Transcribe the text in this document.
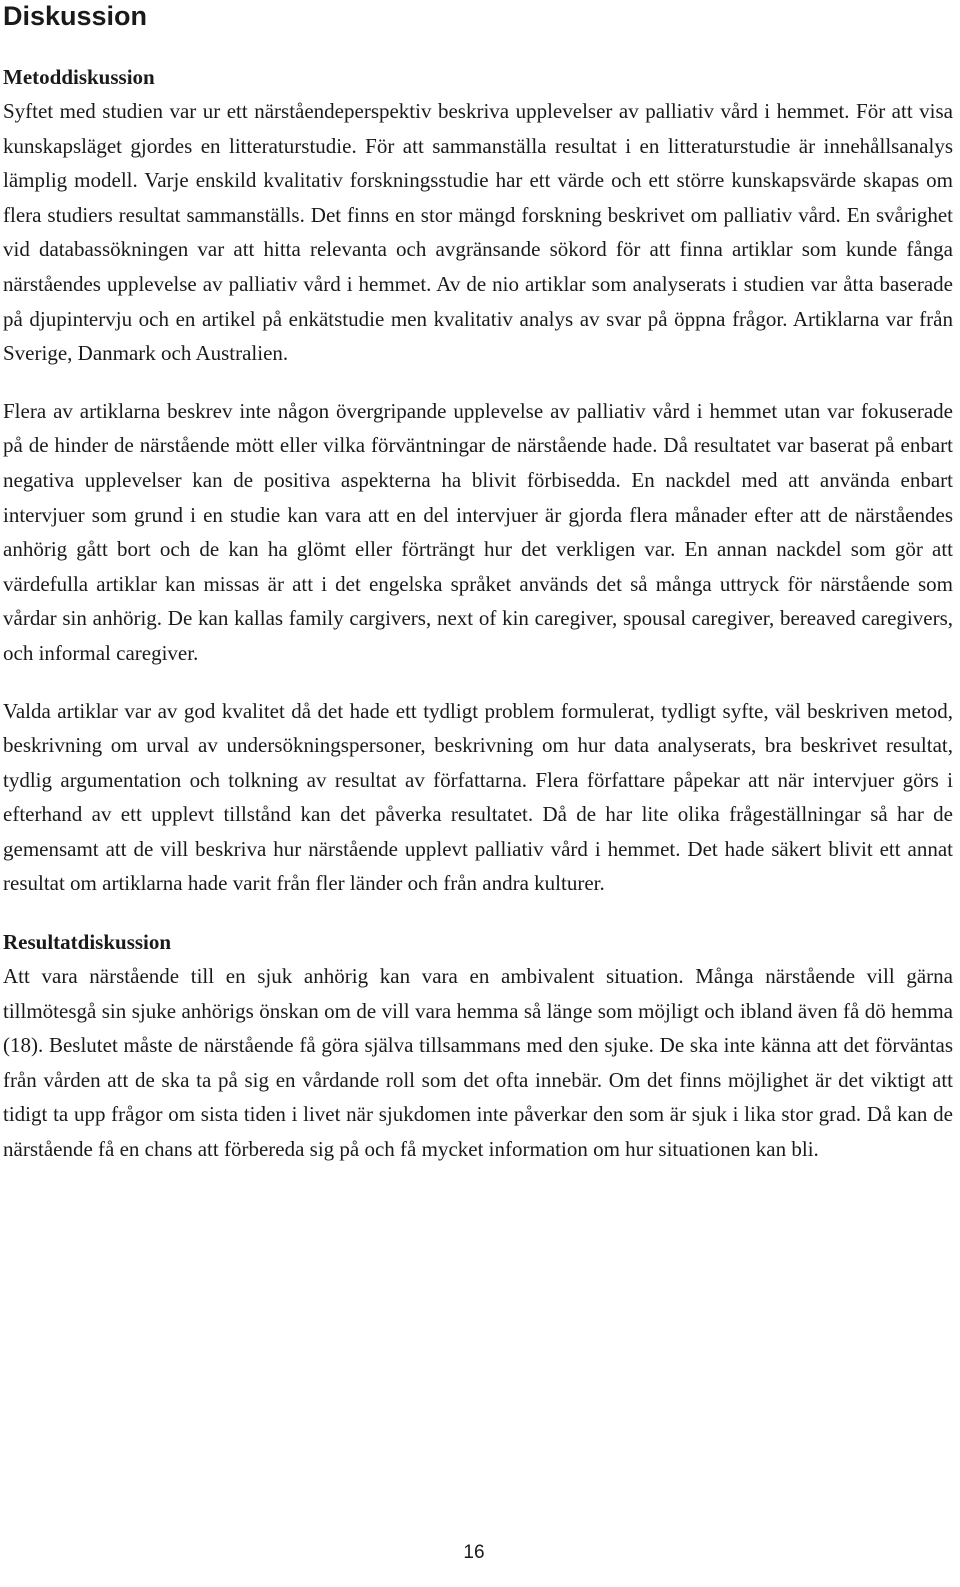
Diskussion
Metoddiskussion

Syftet med studien var ur ett närståendeperspektiv beskriva upplevelser av palliativ vård i hemmet. För att visa kunskapsläget gjordes en litteraturstudie. För att sammanställa resultat i en litteraturstudie är innehållsanalys lämplig modell. Varje enskild kvalitativ forskningsstudie har ett värde och ett större kunskapsvärde skapas om flera studiers resultat sammanställs. Det finns en stor mängd forskning beskrivet om palliativ vård. En svårighet vid databassökningen var att hitta relevanta och avgränsande sökord för att finna artiklar som kunde fånga närståendes upplevelse av palliativ vård i hemmet. Av de nio artiklar som analyserats i studien var åtta baserade på djupintervju och en artikel på enkätstudie men kvalitativ analys av svar på öppna frågor. Artiklarna var från Sverige, Danmark och Australien.

Flera av artiklarna beskrev inte någon övergripande upplevelse av palliativ vård i hemmet utan var fokuserade på de hinder de närstående mött eller vilka förväntningar de närstående hade. Då resultatet var baserat på enbart negativa upplevelser kan de positiva aspekterna ha blivit förbisedda. En nackdel med att använda enbart intervjuer som grund i en studie kan vara att en del intervjuer är gjorda flera månader efter att de närståendes anhörig gått bort och de kan ha glömt eller förträngt hur det verkligen var. En annan nackdel som gör att värdefulla artiklar kan missas är att i det engelska språket används det så många uttryck för närstående som vårdar sin anhörig. De kan kallas family cargivers, next of kin caregiver, spousal caregiver, bereaved caregivers, och informal caregiver.

Valda artiklar var av god kvalitet då det hade ett tydligt problem formulerat, tydligt syfte, väl beskriven metod, beskrivning om urval av undersökningspersoner, beskrivning om hur data analyserats, bra beskrivet resultat, tydlig argumentation och tolkning av resultat av författarna. Flera författare påpekar att när intervjuer görs i efterhand av ett upplevt tillstånd kan det påverka resultatet. Då de har lite olika frågeställningar så har de gemensamt att de vill beskriva hur närstående upplevt palliativ vård i hemmet. Det hade säkert blivit ett annat resultat om artiklarna hade varit från fler länder och från andra kulturer.

Resultatdiskussion

Att vara närstående till en sjuk anhörig kan vara en ambivalent situation. Många närstående vill gärna tillmötesgå sin sjuke anhörigs önskan om de vill vara hemma så länge som möjligt och ibland även få dö hemma (18). Beslutet måste de närstående få göra själva tillsammans med den sjuke. De ska inte känna att det förväntas från vården att de ska ta på sig en vårdande roll som det ofta innebär. Om det finns möjlighet är det viktigt att tidigt ta upp frågor om sista tiden i livet när sjukdomen inte påverkar den som är sjuk i lika stor grad. Då kan de närstående få en chans att förbereda sig på och få mycket information om hur situationen kan bli.

16
